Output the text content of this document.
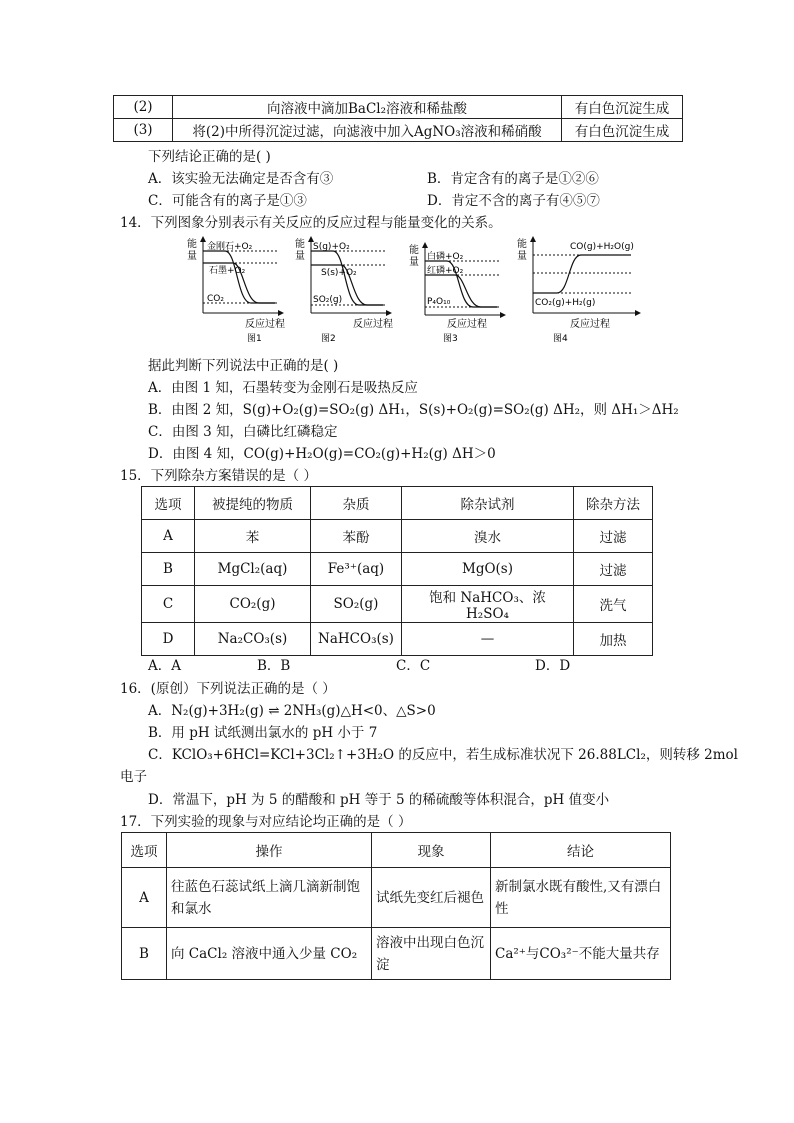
(2)	向溶液中滴加BaCl₂溶液和稀盐酸	有白色沉淀生成
(3)	将(2)中所得沉淀过滤，向滤液中加入AgNO₃溶液和稀硝酸	有白色沉淀生成
下列结论正确的是( )
A．该实验无法确定是否含有③	B．肯定含有的离子是①②⑥
C．可能含有的离子是①③	D．肯定不含的离子有④⑤⑦
14．下列图象分别表示有关反应的反应过程与能量变化的关系。
能
量
金刚石+O₂
石墨+O₂
CO₂
反应过程
图1
能
量
S(g)+O₂
S(s)+O₂
SO₂(g)
反应过程
图2
能
量 白磷+O₂
红磷+O₂
P₄O₁₀
反应过程
图3
能
量
CO(g)+H₂O(g)
CO₂(g)+H₂(g)
反应过程
图4
据此判断下列说法中正确的是( )
A．由图 1 知，石墨转变为金刚石是吸热反应
B．由图 2 知，S(g)+O₂(g)=SO₂(g) ΔH₁，S(s)+O₂(g)=SO₂(g) ΔH₂，则 ΔH₁＞ΔH₂
C．由图 3 知，白磷比红磷稳定
D．由图 4 知，CO(g)+H₂O(g)=CO₂(g)+H₂(g) ΔH＞0
15．下列除杂方案错误的是（ ）
选项	被提纯的物质	杂质	除杂试剂	除杂方法
A	苯	苯酚	溴水	过滤
B	MgCl₂(aq)	Fe³⁺(aq)	MgO(s)	过滤
C	CO₂(g)	SO₂(g)	饱和 NaHCO₃、浓 H₂SO₄	洗气
D	Na₂CO₃(s)	NaHCO₃(s)	—	加热
A．A	B．B	C．C	D．D
16．(原创）下列说法正确的是（ ）
A．N₂(g)+3H₂(g) ⇌ 2NH₃(g)△H<0、△S>0
B．用 pH 试纸测出氯水的 pH 小于 7
C．KClO₃+6HCl=KCl+3Cl₂↑+3H₂O 的反应中，若生成标准状况下 26.88LCl₂，则转移 2mol
电子
D．常温下，pH 为 5 的醋酸和 pH 等于 5 的稀硫酸等体积混合，pH 值变小
17．下列实验的现象与对应结论均正确的是（ ）
选项	操作	现象	结论
A	往蓝色石蕊试纸上滴几滴新制饱和氯水	试纸先变红后褪色	新制氯水既有酸性,又有漂白性
B	向 CaCl₂ 溶液中通入少量 CO₂	溶液中出现白色沉淀	Ca²⁺与CO₃²⁻不能大量共存
